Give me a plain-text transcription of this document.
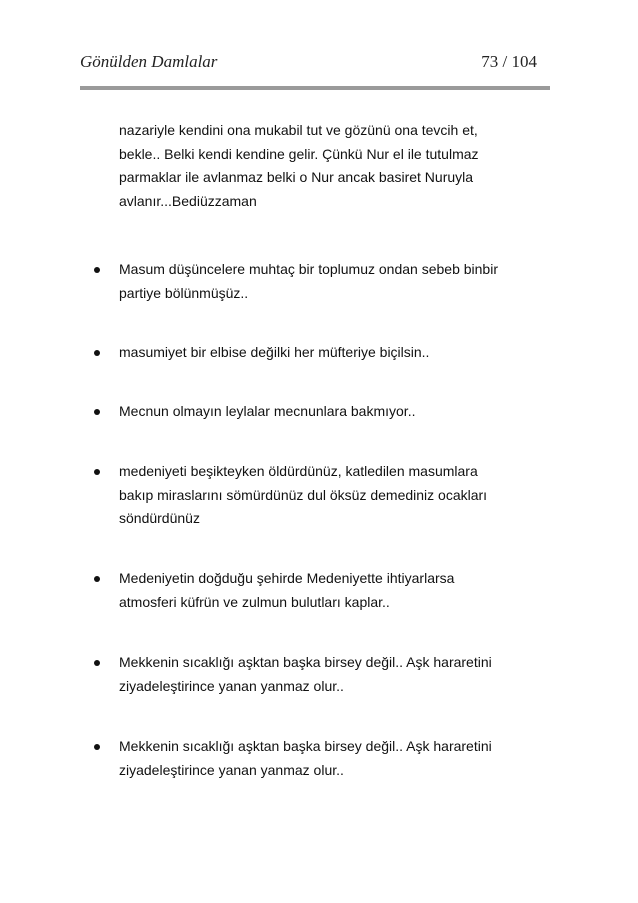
Gönülden Damlalar	73 / 104
nazariyle kendini ona mukabil tut ve gözünü ona tevcih et,
bekle.. Belki kendi kendine gelir. Çünkü Nur el ile tutulmaz
parmaklar ile avlanmaz belki o Nur ancak basiret Nuruyla
avlanır...Bediüzzaman
Masum düşüncelere muhtaç bir toplumuz ondan sebeb binbir
partiye bölünmüşüz..
masumiyet bir elbise değilki her müfteriye biçilsin..
Mecnun olmayın leylalar mecnunlara bakmıyor..
medeniyeti beşikteyken öldürdünüz, katledilen masumlara
bakıp miraslarını sömürdünüz dul öksüz demediniz ocakları
söndürdünüz
Medeniyetin doğduğu şehirde Medeniyette ihtiyarlarsa
atmosferi küfrün ve zulmun bulutları kaplar..
Mekkenin sıcaklığı aşktan başka birsey değil.. Aşk hararetini
ziyadeleştirince yanan yanmaz olur..
Mekkenin sıcaklığı aşktan başka birsey değil.. Aşk hararetini
ziyadeleştirince yanan yanmaz olur..
